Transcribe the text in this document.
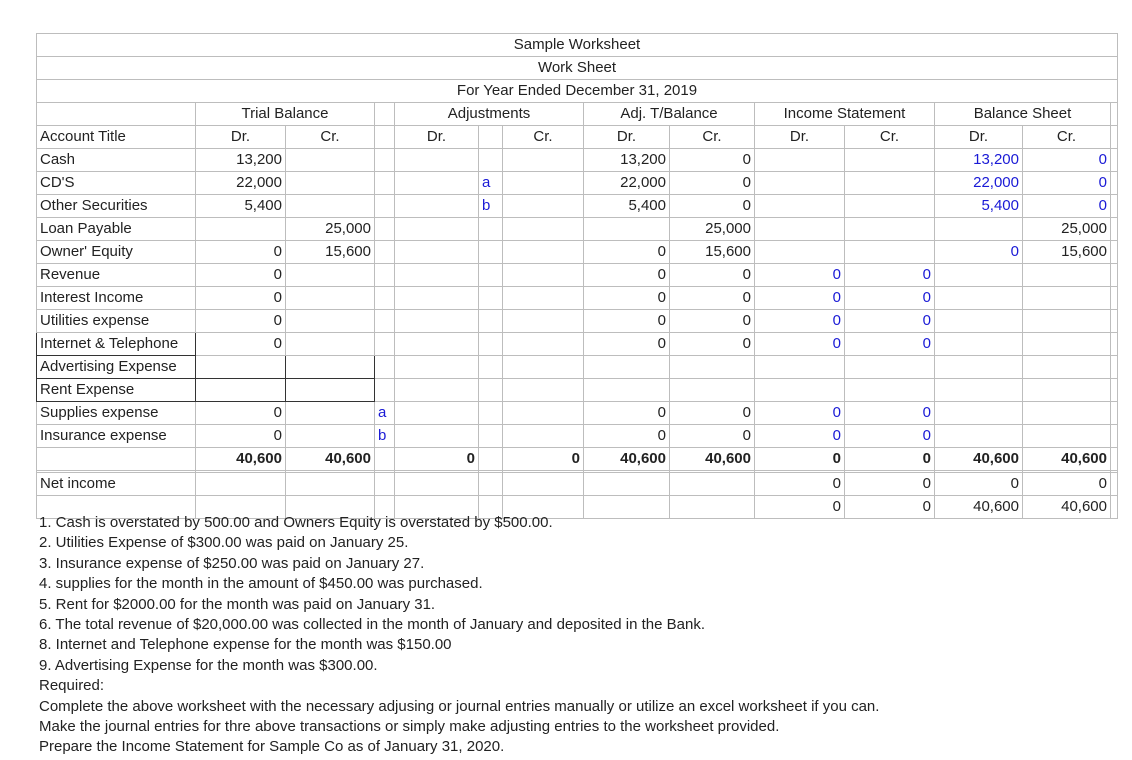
Sample Worksheet													
Work Sheet													
For Year Ended December 31, 2019													
	Trial Balance			Adjustments			Adj. T/Balance		Income Statement		Balance Sheet		
Account Title	Dr.	Cr.		Dr.		Cr.	Dr.	Cr.	Dr.	Cr.	Dr.	Cr.	
Cash	13,200						13,200	0			13,200	0	
CD'S	22,000				a		22,000	0			22,000	0	
Other Securities	5,400				b		5,400	0			5,400	0	
Loan Payable		25,000						25,000				25,000	
Owner' Equity	0	15,600					0	15,600			0	15,600	
Revenue	0						0	0	0	0			
Interest Income	0						0	0	0	0			
Utilities expense	0						0	0	0	0			
Internet & Telephone	0						0	0	0	0			
Advertising Expense													
Rent Expense													
Supplies expense	0		a				0	0	0	0			
Insurance expense	0		b				0	0	0	0			
	40,600	40,600		0		0	40,600	40,600	0	0	40,600	40,600	

Net income									0	0	0	0	
									0	0	40,600	40,600	
1. Cash is overstated by 500.00 and Owners Equity is overstated by $500.00.
2. Utilities Expense of $300.00 was paid on January 25.
3. Insurance expense of $250.00 was paid on January 27.
4. supplies for the month in the amount of $450.00 was purchased.
5. Rent for $2000.00 for the month was paid on January 31.
6. The total revenue of $20,000.00 was collected in the month of January and deposited in the Bank.
8. Internet and Telephone expense for the month was $150.00
9. Advertising Expense for the month was $300.00.
Required:
Complete the above worksheet with the necessary adjusing or journal entries manually or utilize an excel worksheet if you can.
Make the journal entries for thre above transactions or simply make adjusting entries to the worksheet provided.
Prepare the Income Statement for Sample Co as of January 31, 2020.
